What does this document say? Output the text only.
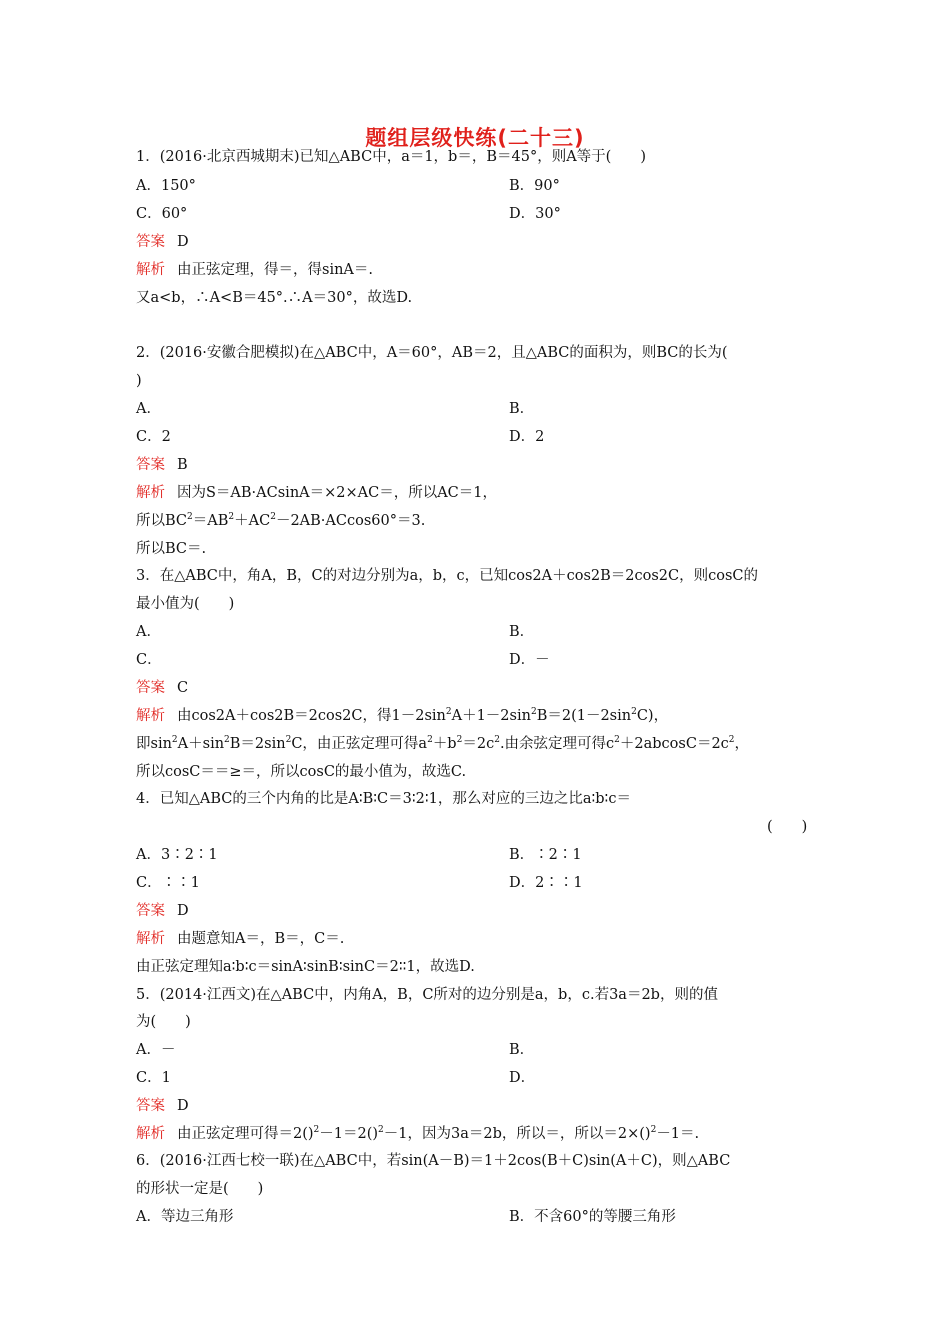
题组层级快练(二十三)
1．(2016·北京西城期末)已知△ABC中，a＝1，b＝，B＝45°，则A等于(　　)
A．150°	B．90°
C．60°	D．30°
答案 D
解析 由正弦定理，得＝，得sinA＝.
又a<b，∴A<B＝45°.∴A＝30°，故选D.
2．(2016·安徽合肥模拟)在△ABC中，A＝60°，AB＝2，且△ABC的面积为，则BC的长为(
)
A．	B．
C．2	D．2
答案 B
解析 因为S＝AB·ACsinA＝×2×AC＝，所以AC＝1，
所以$BC^2=AB^2+AC^2-2AB\cdot ACcos60^\circ=3$.
所以BC＝.
3．在△ABC中，角A，B，C的对边分别为a，b，c，已知cos2A＋cos2B＝2cos2C，则cosC的
最小值为(　　)
A．	B．
C．	D．－
答案 C
解析 由cos2A＋cos2B＝2cos2C，得$1-2\sin^2A+1-2\sin^2B=2(1-2\sin^2C)$，
即$\sin^2A+\sin^2B=2\sin^2C$，由正弦定理可得$a^2+b^2=2c^2$.由余弦定理可得$c^2+2abcosC=2c^2$，
所以cosC＝＝≥＝，所以cosC的最小值为，故选C.
4．已知△ABC的三个内角的比是A∶B∶C＝3∶2∶1，那么对应的三边之比a∶b∶c＝
(　　)
A．3∶2∶1	B．∶2∶1
C．∶∶1	D．2∶∶1
答案 D
解析 由题意知A＝，B＝，C＝.
由正弦定理知a∶b∶c＝sinA∶sinB∶sinC＝2∶∶1，故选D.
5．(2014·江西文)在△ABC中，内角A，B，C所对的边分别是a，b，c.若3a＝2b，则的值
为(　　)
A．－	B．
C．1	D．
答案 D
解析 由正弦定理可得＝2()$^2$－1＝2()$^2$－1，因为3a＝2b，所以＝，所以＝2×()$^2$－1＝.
6．(2016·江西七校一联)在△ABC中，若sin(A－B)＝1＋2cos(B＋C)sin(A＋C)，则△ABC
的形状一定是(　　)
A．等边三角形	B．不含60°的等腰三角形
